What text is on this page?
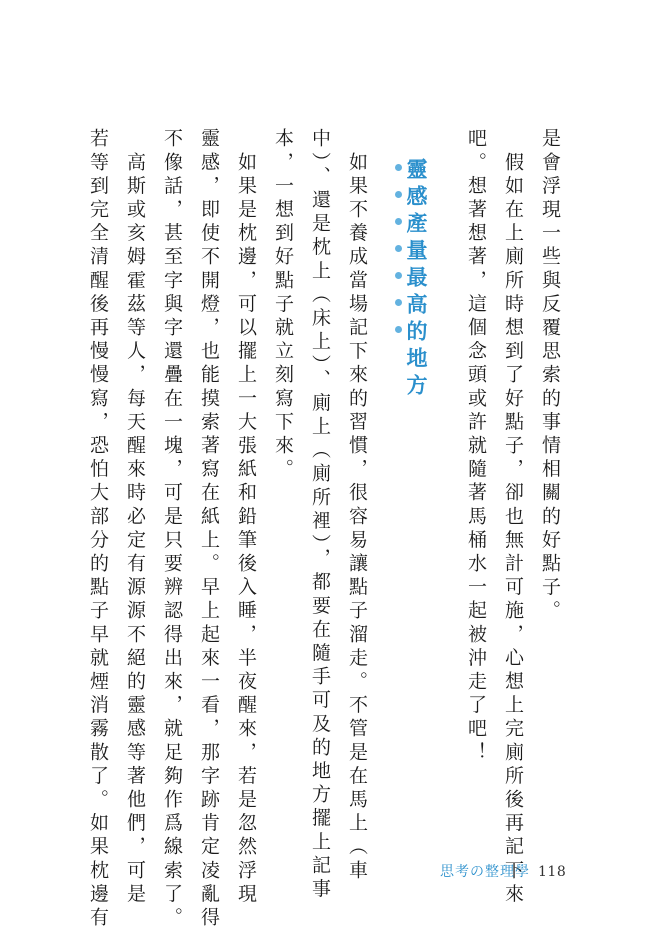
是會浮現一些與反覆思索的事情相關的好點子。
　假如在上廁所時想到了好點子，卻也無計可施，心想上完廁所後再記下來
吧。想著想著，這個念頭或許就隨著馬桶水一起被沖走了吧！
靈感產量最高的地方
　如果不養成當場記下來的習慣，很容易讓點子溜走。不管是在馬上（車
中）、還是枕上（床上）、廁上（廁所裡），都要在隨手可及的地方擺上記事
本，一想到好點子就立刻寫下來。
　如果是枕邊，可以擺上一大張紙和鉛筆後入睡，半夜醒來，若是忽然浮現
靈感，即使不開燈，也能摸索著寫在紙上。早上起來一看，那字跡肯定凌亂得
不像話，甚至字與字還疊在一塊，可是只要辨認得出來，就足夠作爲線索了。
　高斯或亥姆霍茲等人，每天醒來時必定有源源不絕的靈感等著他們，可是
若等到完全清醒後再慢慢寫，恐怕大部分的點子早就煙消霧散了。如果枕邊有	思考の整理學 118
